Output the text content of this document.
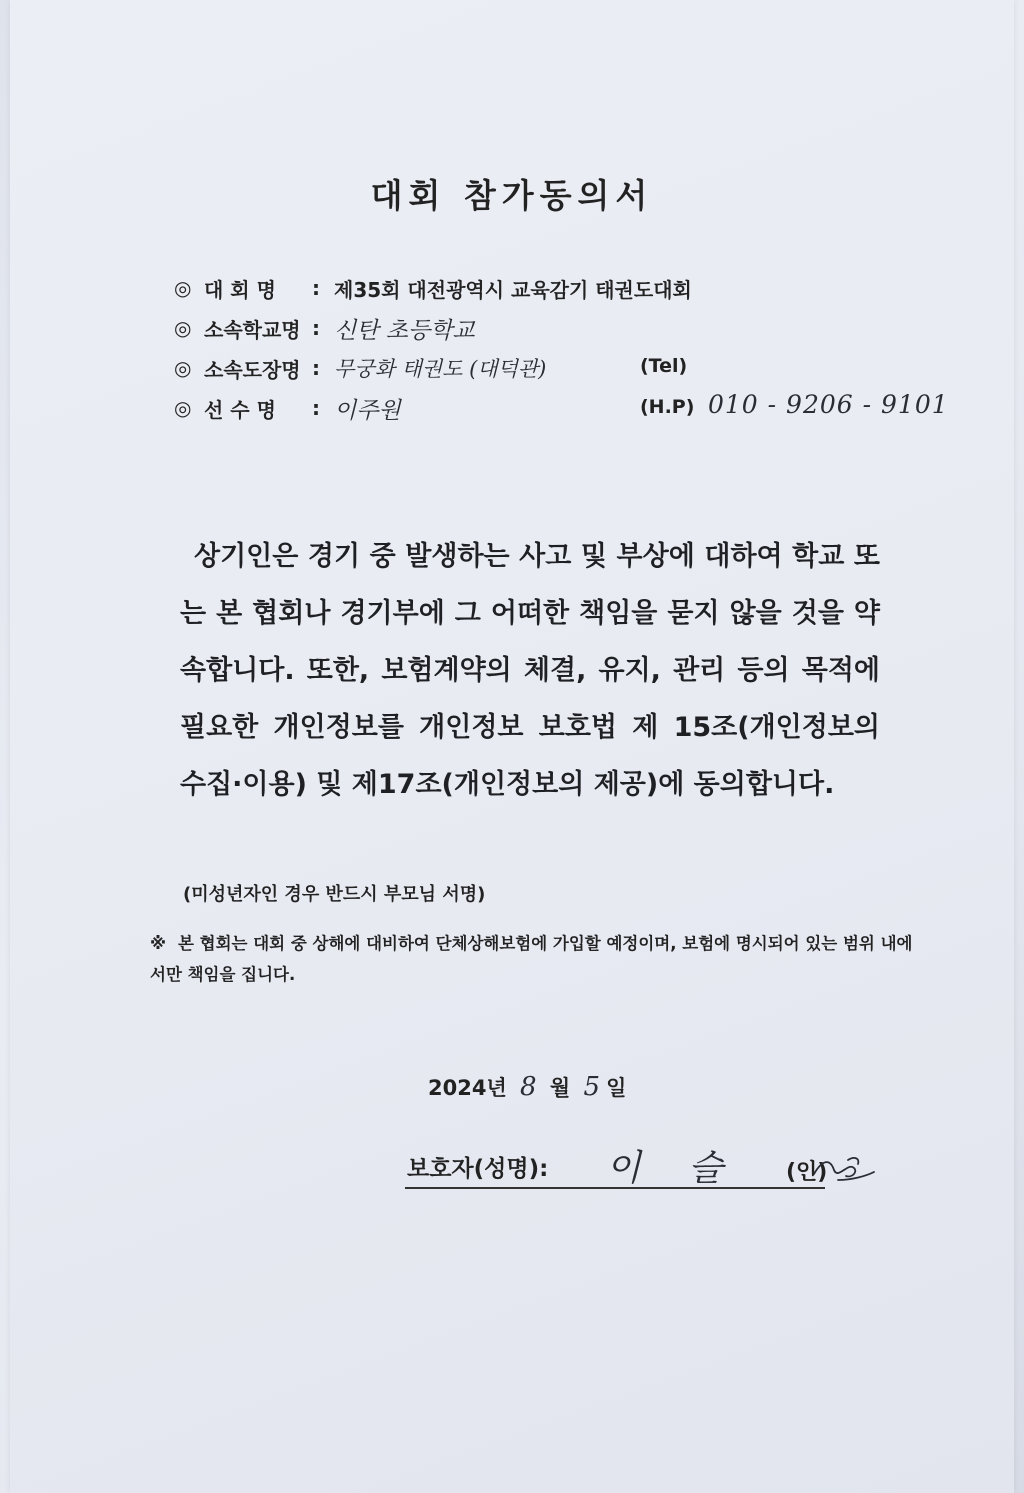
대회 참가동의서
◎ 대 회 명	: 제35회 대전광역시 교육감기 태권도대회
◎ 소속학교명 : 신탄 초등학교
◎ 소속도장명 : 무궁화 태권도 (대덕관)	(Tel)
◎ 선 수 명	: 이주원	(H.P) 010 - 9206 - 9101
상기인은 경기 중 발생하는 사고 및 부상에 대하여 학교 또는 본 협회나 경기부에 그 어떠한 책임을 묻지 않을 것을 약속합니다. 또한, 보험계약의 체결, 유지, 관리 등의 목적에 필요한 개인정보를 개인정보 보호법 제 15조(개인정보의 수집·이용) 및 제17조(개인정보의 제공)에 동의합니다.
(미성년자인 경우 반드시 부모님 서명)
※ 본 협회는 대회 중 상해에 대비하여 단체상해보험에 가입할 예정이며, 보험에 명시되어 있는 범위 내에서만 책임을 집니다.
2024년 8 월 5 일
보호자(성명): 이 슬 (인)
